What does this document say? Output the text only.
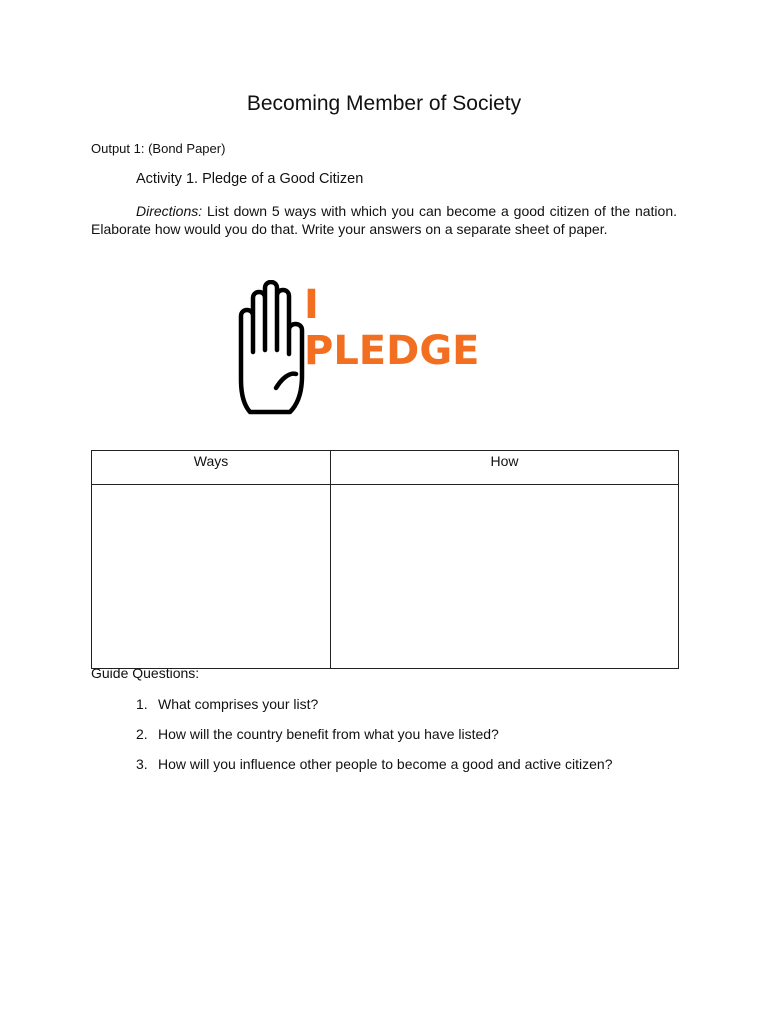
Becoming Member of Society
Output 1: (Bond Paper)
Activity 1. Pledge of a Good Citizen
Directions: List down 5 ways with which you can become a good citizen of the nation. Elaborate how would you do that. Write your answers on a separate sheet of paper.
I PLEDGE
Ways	How

Guide Questions:
1. What comprises your list?
2. How will the country benefit from what you have listed?
3. How will you influence other people to become a good and active citizen?
